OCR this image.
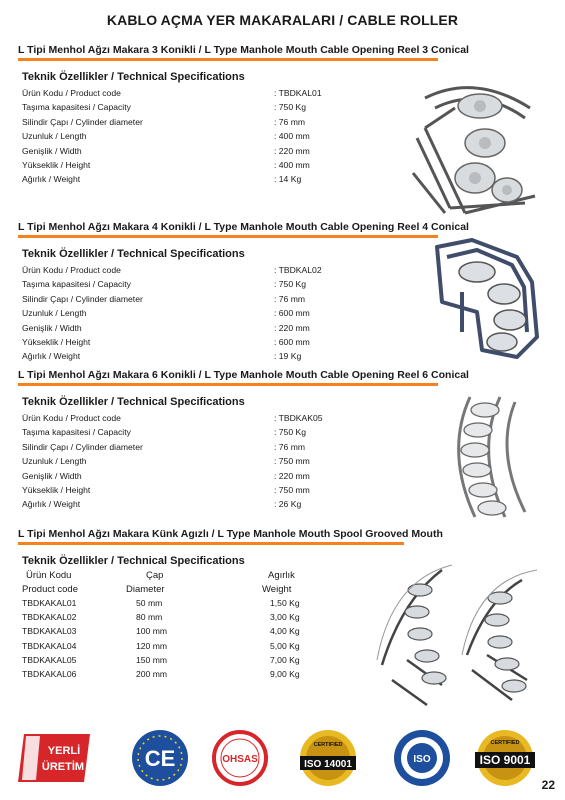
KABLO AÇMA YER MAKARALARI / CABLE ROLLER
L Tipi Menhol Ağzı Makara 3 Konikli / L Type Manhole Mouth Cable Opening Reel 3 Conical
Teknik Özellikler / Technical Specifications
Ürün Kodu / Product code	: TBDKAL01
Taşıma kapasitesi / Capacity	: 750 Kg
Silindir Çapı / Cylinder diameter	: 76 mm
Uzunluk / Length	: 400 mm
Genişlik / Width	: 220 mm
Yükseklik / Height	: 400 mm
Ağırlık / Weight	: 14 Kg
L Tipi Menhol Ağzı Makara 4 Konikli / L Type Manhole Mouth Cable Opening Reel 4 Conical
Teknik Özellikler / Technical Specifications
Ürün Kodu / Product code	: TBDKAL02
Taşıma kapasitesi / Capacity	: 750 Kg
Silindir Çapı / Cylinder diameter	: 76 mm
Uzunluk / Length	: 600 mm
Genişlik / Width	: 220 mm
Yükseklik / Height	: 600 mm
Ağırlık / Weight	: 19 Kg
L Tipi Menhol Ağzı Makara 6 Konikli / L Type Manhole Mouth Cable Opening Reel 6 Conical
Teknik Özellikler / Technical Specifications
Ürün Kodu / Product code	: TBDKAK05
Taşıma kapasitesi / Capacity	: 750 Kg
Silindir Çapı / Cylinder diameter	: 76 mm
Uzunluk / Length	: 750 mm
Genişlik / Width	: 220 mm
Yükseklik / Height	: 750 mm
Ağırlık / Weight	: 26 Kg
L Tipi Menhol Ağzı Makara Künk Agızlı / L Type Manhole Mouth Spool Grooved Mouth
Teknik Özellikler / Technical Specifications
Ürün Kodu	Çap	Agırlık
Product code	Diameter	Weight
TBDKAKAL01	50 mm	1,50 Kg
TBDKAKAL02	80 mm	3,00 Kg
TBDKAKAL03	100 mm	4,00 Kg
TBDKAKAL04	120 mm	5,00 Kg
TBDKAKAL05	150 mm	7,00 Kg
TBDKAKAL06	200 mm	9,00 Kg
YERLİ
ÜRETİM	CE	OHSAS	ISO 14001
CERTIFIED
ISO	ISO 9001
CERTIFIED
22
